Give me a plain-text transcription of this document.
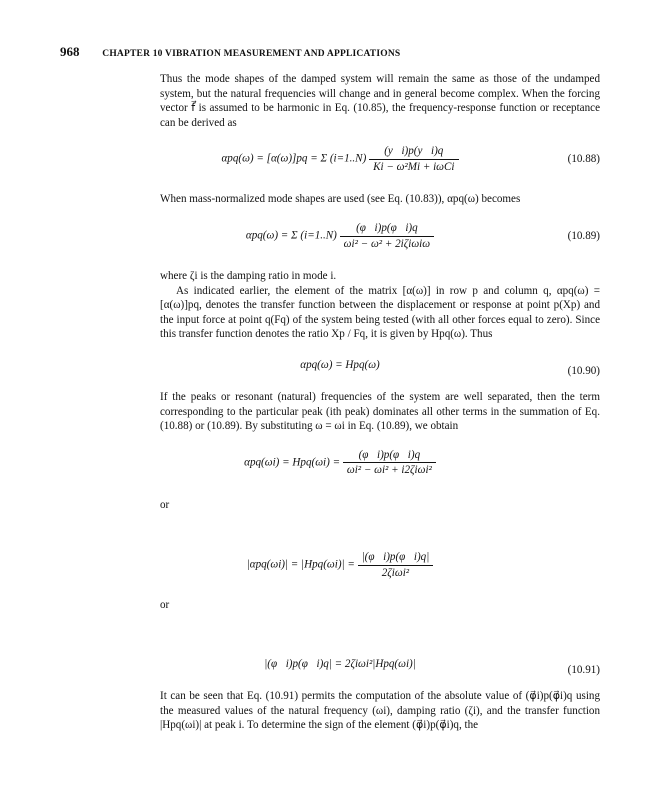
968 CHAPTER 10 VIBRATION MEASUREMENT AND APPLICATIONS

Thus the mode shapes of the damped system will remain the same as those of the undamped system, but the natural frequencies will change and in general become complex. When the forcing vector f⃗ is assumed to be harmonic in Eq. (10.85), the frequency-response function or receptance can be derived as

αpq(ω) = [α(ω)]pq = Σ $(i=1..N) \frac{(y⃗i)p(y⃗i)q}{\text{Ki − ω²Mi + iωCi}}$	(10.88)

When mass-normalized mode shapes are used (see Eq. (10.83)), αpq(ω) becomes

αpq(ω) = Σ $(i=1..N) \frac{(\varphi⃗i)p(\varphi⃗i)q}{\text{ωi² − ω² + 2iζiωiω}}$	(10.89)

where ζi is the damping ratio in mode i.

As indicated earlier, the element of the matrix [α(ω)] in row p and column q, αpq(ω) = [α(ω)]pq, denotes the transfer function between the displacement or response at point p(Xp) and the input force at point q(Fq) of the system being tested (with all other forces equal to zero). Since this transfer function denotes the ratio Xp / Fq, it is given by Hpq(ω). Thus

αpq(ω) = Hpq(ω)	(10.90)

If the peaks or resonant (natural) frequencies of the system are well separated, then the term corresponding to the particular peak (ith peak) dominates all other terms in the summation of Eq. (10.88) or (10.89). By substituting ω = ωi in Eq. (10.89), we obtain

$\alpha pq(\omega i) = Hpq(\omega i) = \frac{(\varphi⃗i)p(\varphi⃗i)q}{\text{ωi² − ωi² + i2ζiωi²}}$

or

$|\alpha pq(\omega i)| = |Hpq(\omega i)| = \frac{|(\varphi⃗i)p(\varphi⃗i)q|}{\text{2ζiωi²}}$

or

|(φ⃗i)p(φ⃗i)q| = 2ζiωi²|Hpq(ωi)|	(10.91)

It can be seen that Eq. (10.91) permits the computation of the absolute value of (φ⃗i)p(φ⃗i)q using the measured values of the natural frequency (ωi), damping ratio (ζi), and the transfer function |Hpq(ωi)| at peak i. To determine the sign of the element (φ⃗i)p(φ⃗i)q, the
